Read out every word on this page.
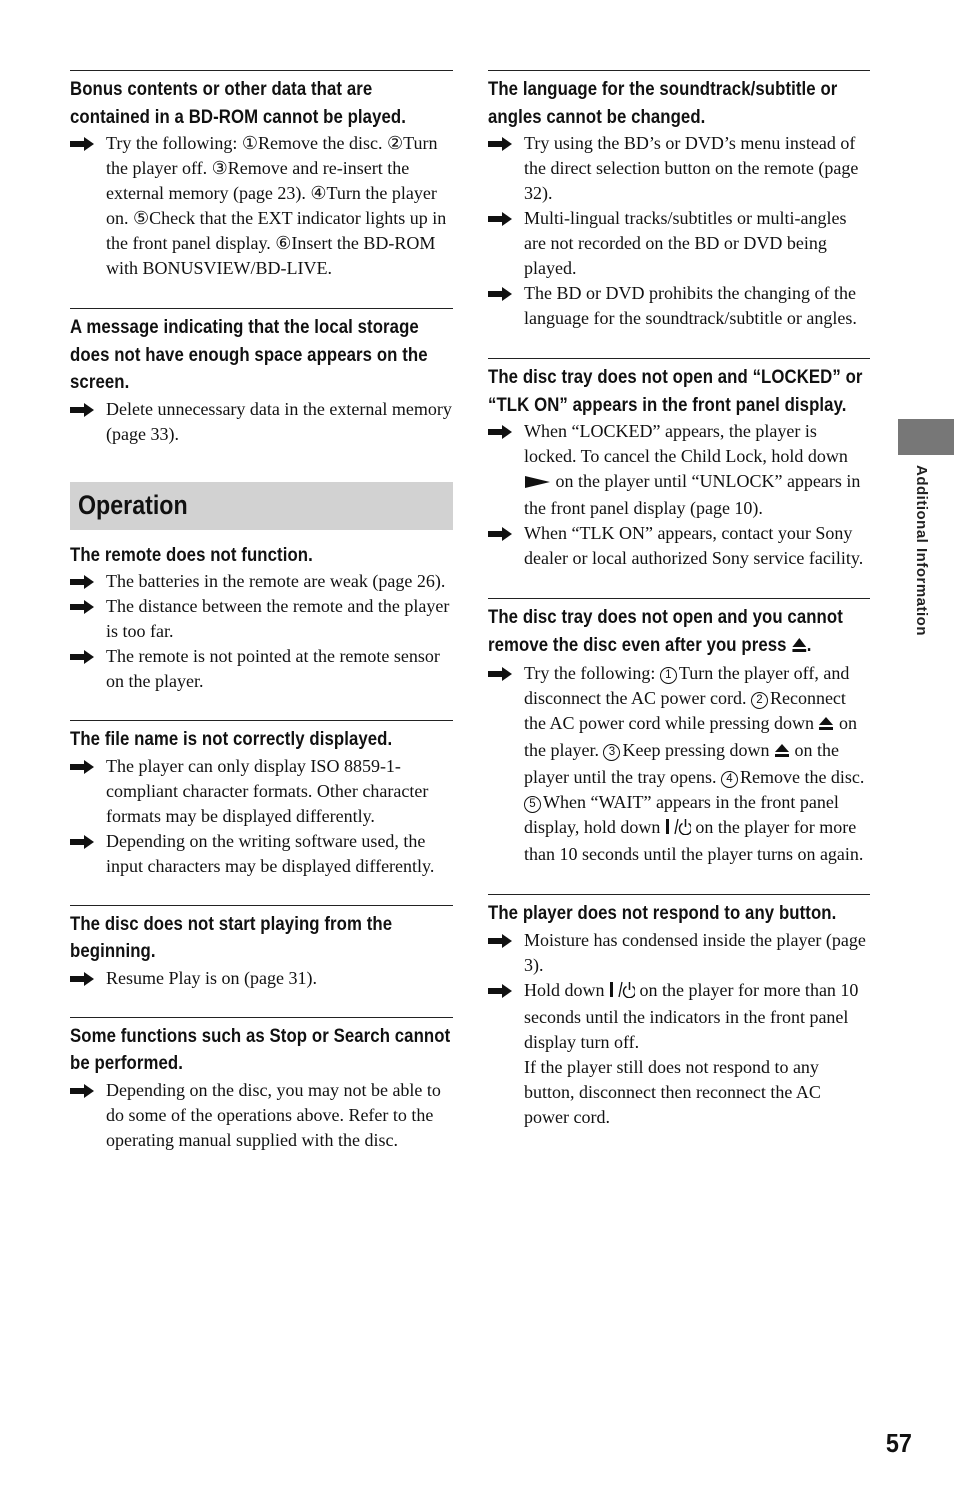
Bonus contents or other data that are contained in a BD-ROM cannot be played.
Try the following: ①Remove the disc. ②Turn the player off. ③Remove and re-insert the external memory (page 23). ④Turn the player on. ⑤Check that the EXT indicator lights up in the front panel display. ⑥Insert the BD-ROM with BONUSVIEW/BD-LIVE.
A message indicating that the local storage does not have enough space appears on the screen.
Delete unnecessary data in the external memory (page 33).
Operation
The remote does not function.
The batteries in the remote are weak (page 26).
The distance between the remote and the player is too far.
The remote is not pointed at the remote sensor on the player.
The file name is not correctly displayed.
The player can only display ISO 8859-1-compliant character formats. Other character formats may be displayed differently.
Depending on the writing software used, the input characters may be displayed differently.
The disc does not start playing from the beginning.
Resume Play is on (page 31).
Some functions such as Stop or Search cannot be performed.
Depending on the disc, you may not be able to do some of the operations above. Refer to the operating manual supplied with the disc.
The language for the soundtrack/subtitle or angles cannot be changed.
Try using the BD’s or DVD’s menu instead of the direct selection button on the remote (page 32).
Multi-lingual tracks/subtitles or multi-angles are not recorded on the BD or DVD being played.
The BD or DVD prohibits the changing of the language for the soundtrack/subtitle or angles.
The disc tray does not open and “LOCKED” or “TLK ON” appears in the front panel display.
When “LOCKED” appears, the player is locked. To cancel the Child Lock, hold down  on the player until “UNLOCK” appears in the front panel display (page 10).
When “TLK ON” appears, contact your Sony dealer or local authorized Sony service facility.
The disc tray does not open and you cannot remove the disc even after you press .
Try the following: 1 Turn the player off, and disconnect the AC power cord. 2 Reconnect the AC power cord while pressing down  on the player. 3 Keep pressing down  on the player until the tray opens. 4 Remove the disc. 5 When “WAIT” appears in the front panel display, hold down  on the player for more than 10 seconds until the player turns on again.
The player does not respond to any button.
Moisture has condensed inside the player (page 3).
Hold down on the player for more than 10 seconds until the indicators in the front panel display turn off.
If the player still does not respond to any button, disconnect then reconnect the AC power cord.
Additional Information
57
